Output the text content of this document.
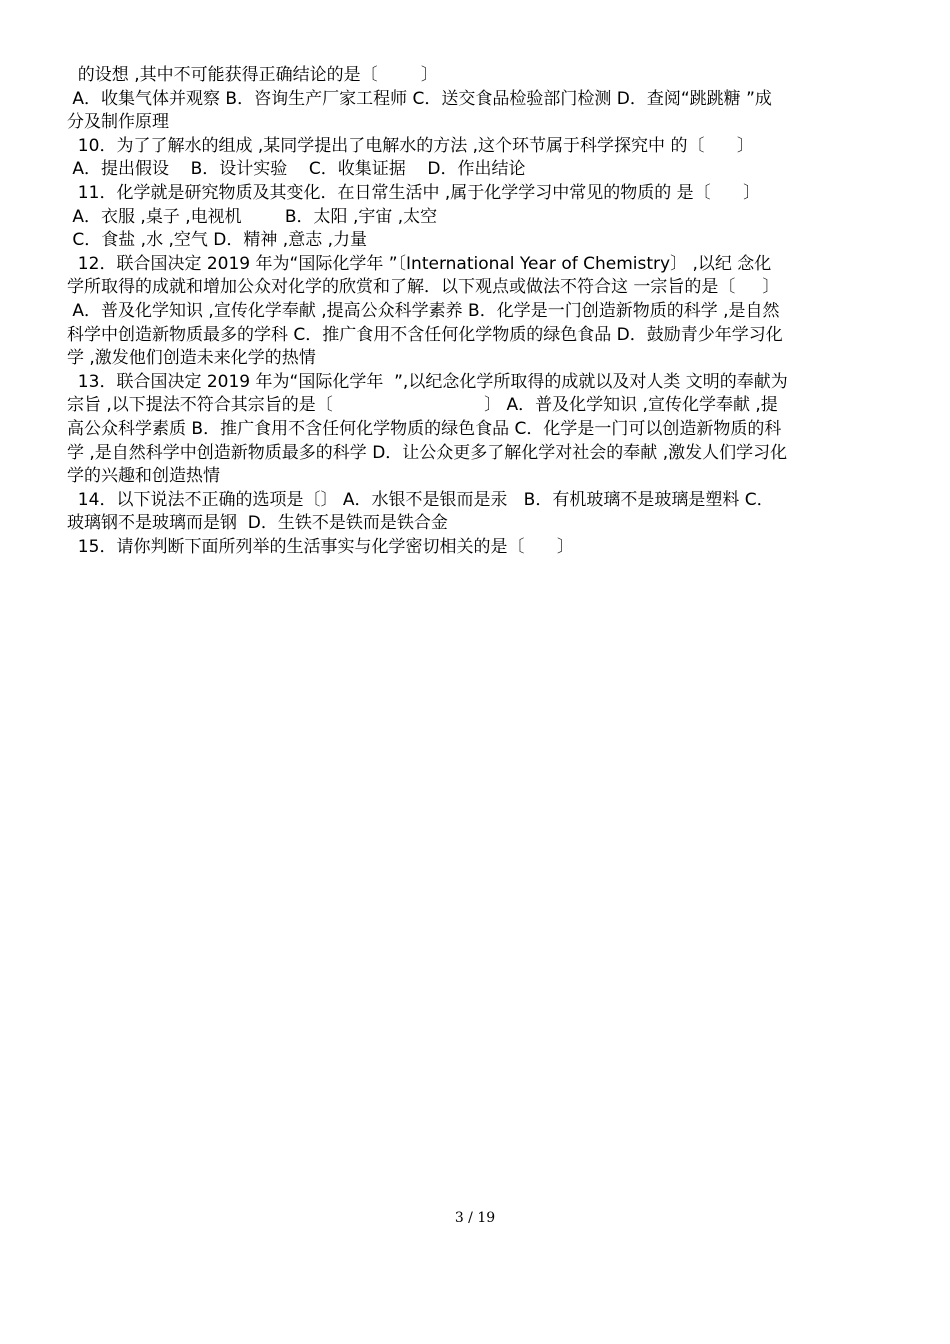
的设想 ,其中不可能获得正确结论的是〔        〕

A．收集气体并观察 B．咨询生产厂家工程师 C．送交食品检验部门检测 D．查阅“跳跳糖 ”成

分及制作原理

10．为了了解水的组成 ,某同学提出了电解水的方法 ,这个环节属于科学探究中 的〔      〕

A．提出假设    B．设计实验    C．收集证据    D．作出结论

11．化学就是研究物质及其变化．在日常生活中 ,属于化学学习中常见的物质的 是〔      〕

A．衣服 ,桌子 ,电视机        B．太阳 ,宇宙 ,太空

C．食盐 ,水 ,空气 D．精神 ,意志 ,力量

12．联合国决定 2019 年为“国际化学年 ”〔International Year of Chemistry〕 ,以纪 念化

学所取得的成就和增加公众对化学的欣赏和了解．以下观点或做法不符合这 一宗旨的是〔     〕

A．普及化学知识 ,宣传化学奉献 ,提高公众科学素养 B．化学是一门创造新物质的科学 ,是自然

科学中创造新物质最多的学科 C．推广食用不含任何化学物质的绿色食品 D．鼓励青少年学习化

学 ,激发他们创造未来化学的热情

13．联合国决定 2019 年为“国际化学年  ”,以纪念化学所取得的成就以及对人类 文明的奉献为

宗旨 ,以下提法不符合其宗旨的是〔                            〕 A．普及化学知识 ,宣传化学奉献 ,提

高公众科学素质 B．推广食用不含任何化学物质的绿色食品 C．化学是一门可以创造新物质的科

学 ,是自然科学中创造新物质最多的科学 D．让公众更多了解化学对社会的奉献 ,激发人们学习化

学的兴趣和创造热情

14．以下说法不正确的选项是〔〕 A．水银不是银而是汞   B．有机玻璃不是玻璃是塑料 C．

玻璃钢不是玻璃而是钢  D．生铁不是铁而是铁合金

15．请你判断下面所列举的生活事实与化学密切相关的是〔      〕

3 / 19
